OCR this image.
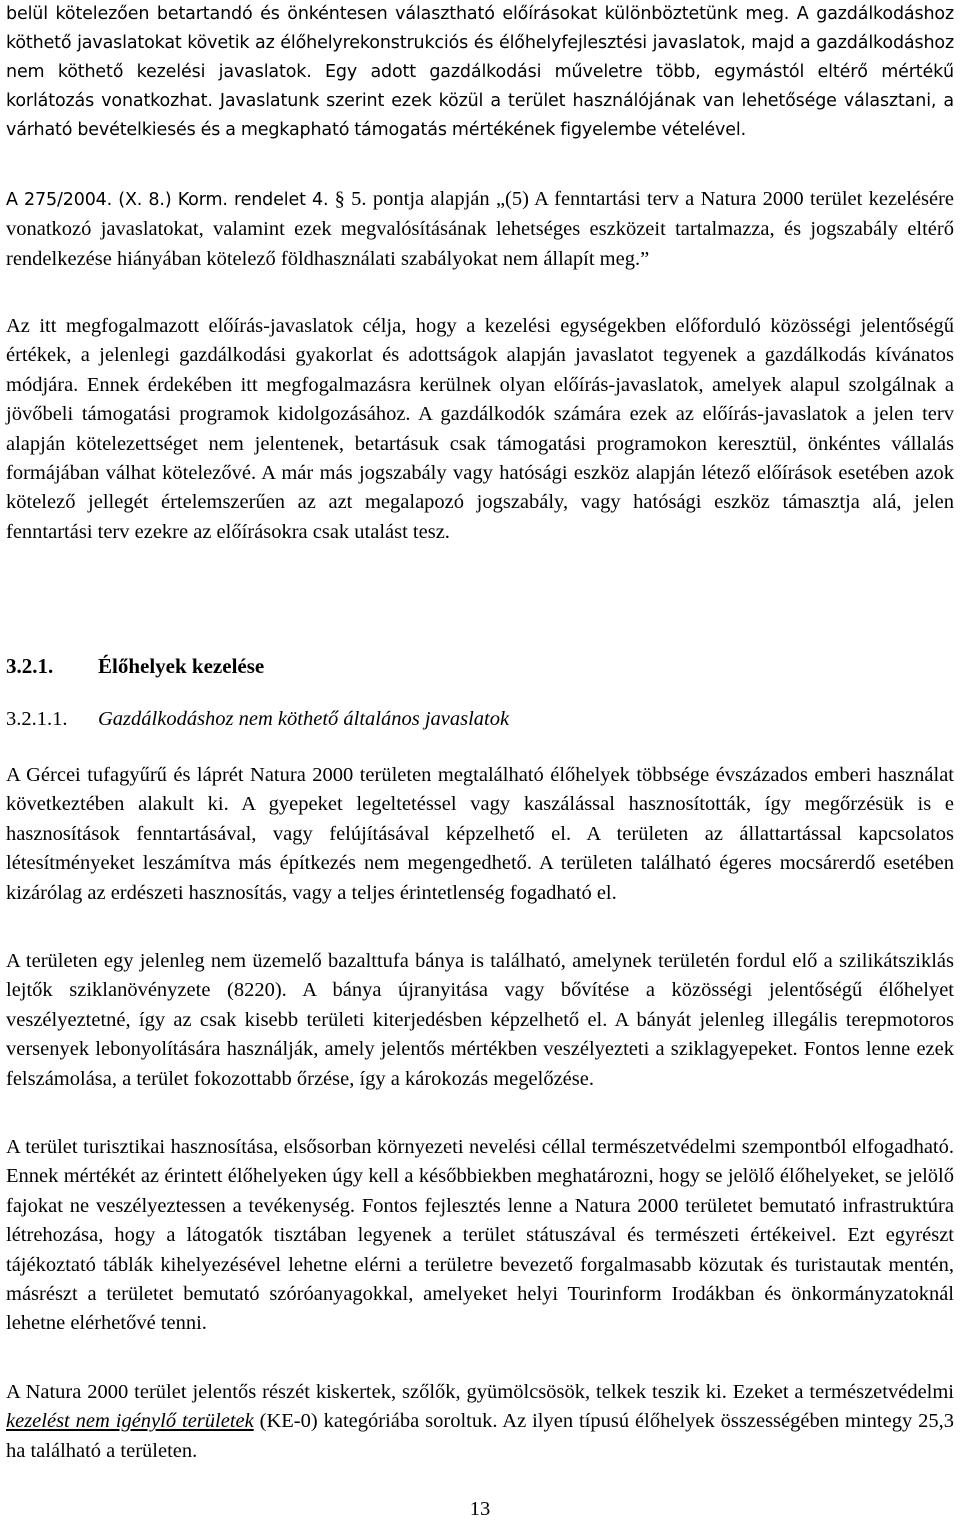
belül kötelezően betartandó és önkéntesen választható előírásokat különböztetünk meg. A gazdálkodáshoz köthető javaslatokat követik az élőhelyrekonstrukciós és élőhelyfejlesztési javaslatok, majd a gazdálkodáshoz nem köthető kezelési javaslatok. Egy adott gazdálkodási műveletre több, egymástól eltérő mértékű korlátozás vonatkozhat. Javaslatunk szerint ezek közül a terület használójának van lehetősége választani, a várható bevételkiesés és a megkapható támogatás mértékének figyelembe vételével.

A 275/2004. (X. 8.) Korm. rendelet 4. § 5. pontja alapján „(5) A fenntartási terv a Natura 2000 terület kezelésére vonatkozó javaslatokat, valamint ezek megvalósításának lehetséges eszközeit tartalmazza, és jogszabály eltérő rendelkezése hiányában kötelező földhasználati szabályokat nem állapít meg.”

Az itt megfogalmazott előírás-javaslatok célja, hogy a kezelési egységekben előforduló közösségi jelentőségű értékek, a jelenlegi gazdálkodási gyakorlat és adottságok alapján javaslatot tegyenek a gazdálkodás kívánatos módjára. Ennek érdekében itt megfogalmazásra kerülnek olyan előírás-javaslatok, amelyek alapul szolgálnak a jövőbeli támogatási programok kidolgozásához. A gazdálkodók számára ezek az előírás-javaslatok a jelen terv alapján kötelezettséget nem jelentenek, betartásuk csak támogatási programokon keresztül, önkéntes vállalás formájában válhat kötelezővé. A már más jogszabály vagy hatósági eszköz alapján létező előírások esetében azok kötelező jellegét értelemszerűen az azt megalapozó jogszabály, vagy hatósági eszköz támasztja alá, jelen fenntartási terv ezekre az előírásokra csak utalást tesz.

3.2.1. Élőhelyek kezelése
3.2.1.1. Gazdálkodáshoz nem köthető általános javaslatok

A Gércei tufagyűrű és láprét Natura 2000 területen megtalálható élőhelyek többsége évszázados emberi használat következtében alakult ki. A gyepeket legeltetéssel vagy kaszálással hasznosították, így megőrzésük is e hasznosítások fenntartásával, vagy felújításával képzelhető el. A területen az állattartással kapcsolatos létesítményeket leszámítva más építkezés nem megengedhető. A területen található égeres mocsárerdő esetében kizárólag az erdészeti hasznosítás, vagy a teljes érintetlenség fogadható el.

A területen egy jelenleg nem üzemelő bazalttufa bánya is található, amelynek területén fordul elő a szilikátsziklás lejtők sziklanövényzete (8220). A bánya újranyitása vagy bővítése a közösségi jelentőségű élőhelyet veszélyeztetné, így az csak kisebb területi kiterjedésben képzelhető el. A bányát jelenleg illegális terepmotoros versenyek lebonyolítására használják, amely jelentős mértékben veszélyezteti a sziklagyepeket. Fontos lenne ezek felszámolása, a terület fokozottabb őrzése, így a károkozás megelőzése.

A terület turisztikai hasznosítása, elsősorban környezeti nevelési céllal természetvédelmi szempontból elfogadható. Ennek mértékét az érintett élőhelyeken úgy kell a későbbiekben meghatározni, hogy se jelölő élőhelyeket, se jelölő fajokat ne veszélyeztessen a tevékenység. Fontos fejlesztés lenne a Natura 2000 területet bemutató infrastruktúra létrehozása, hogy a látogatók tisztában legyenek a terület státuszával és természeti értékeivel. Ezt egyrészt tájékoztató táblák kihelyezésével lehetne elérni a területre bevezető forgalmasabb közutak és turistautak mentén, másrészt a területet bemutató szóróanyagokkal, amelyeket helyi Tourinform Irodákban és önkormányzatoknál lehetne elérhetővé tenni.

A Natura 2000 terület jelentős részét kiskertek, szőlők, gyümölcsösök, telkek teszik ki. Ezeket a természetvédelmi kezelést nem igénylő területek (KE-0) kategóriába soroltuk. Az ilyen típusú élőhelyek összességében mintegy 25,3 ha található a területen.

13
